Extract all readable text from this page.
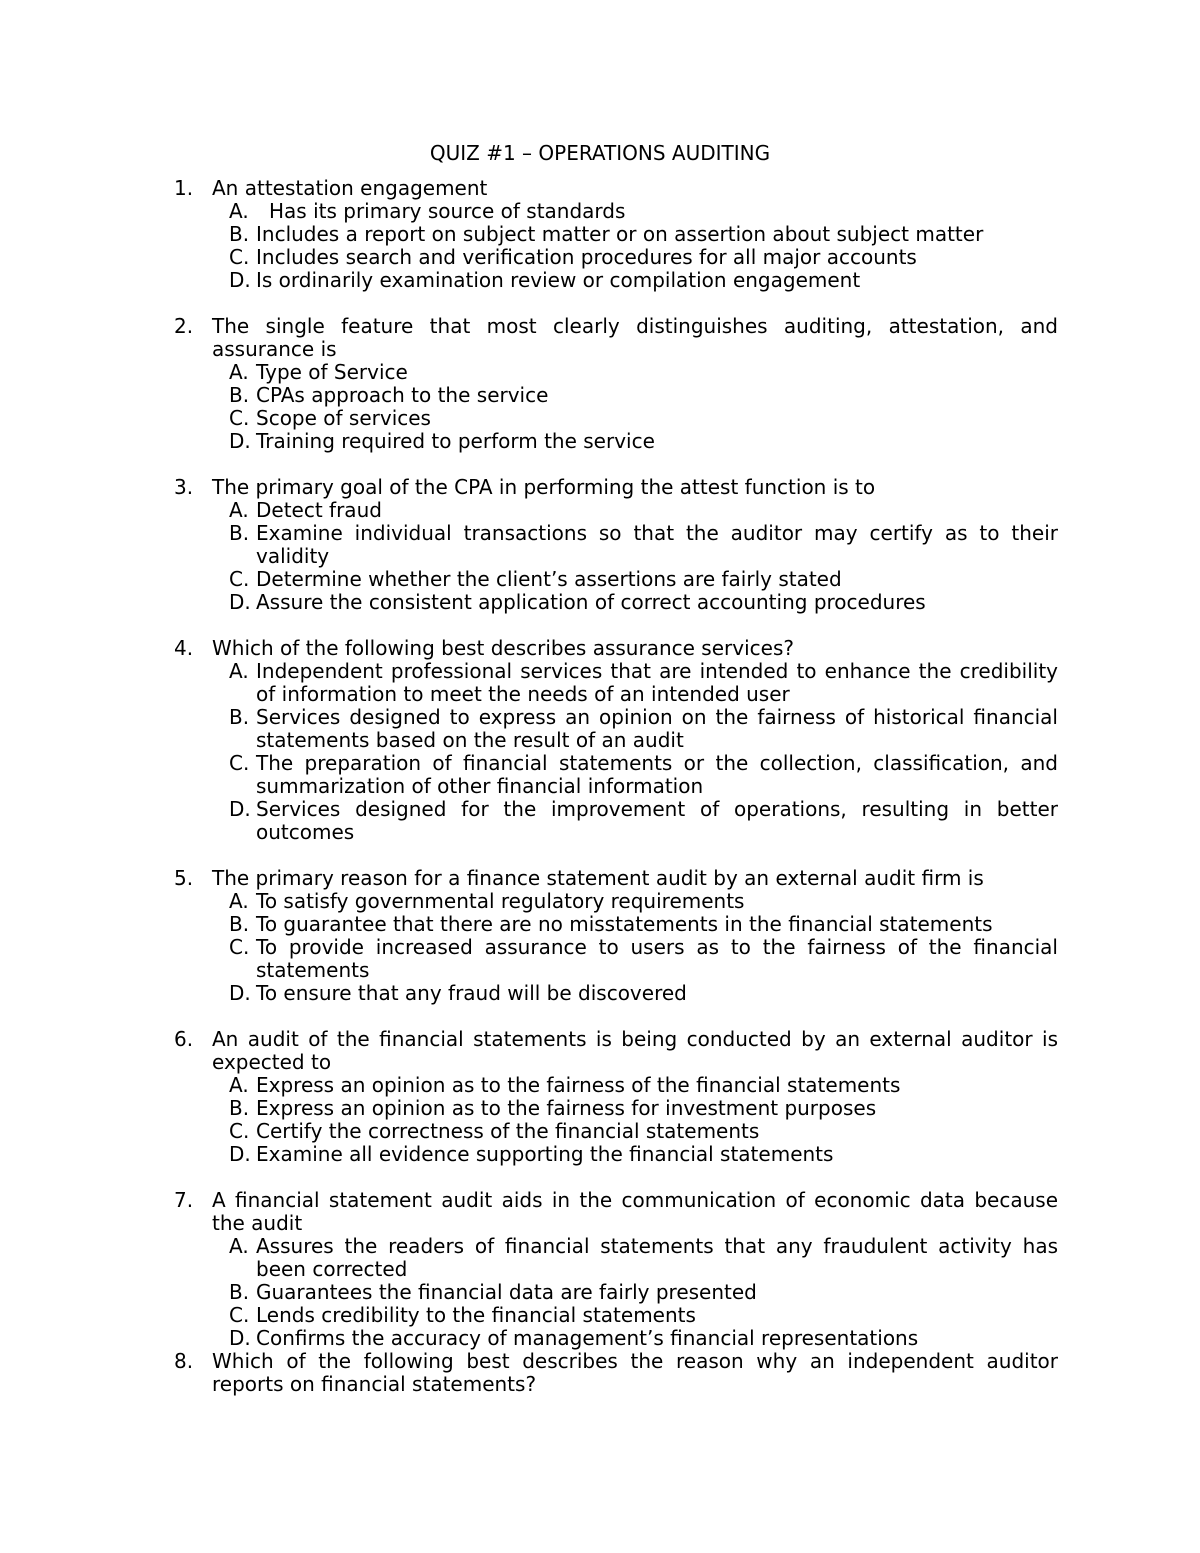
QUIZ #1 – OPERATIONS AUDITING
1. An attestation engagement
A.	Has its primary source of standards
B. Includes a report on subject matter or on assertion about subject matter
C. Includes search and verification procedures for all major accounts
D. Is ordinarily examination review or compilation engagement
2. The single feature that most clearly distinguishes auditing, attestation, and assurance is
A. Type of Service
B. CPAs approach to the service
C. Scope of services
D. Training required to perform the service
3. The primary goal of the CPA in performing the attest function is to
A. Detect fraud
B. Examine individual transactions so that the auditor may certify as to their validity
C. Determine whether the client’s assertions are fairly stated
D. Assure the consistent application of correct accounting procedures
4. Which of the following best describes assurance services?
A. Independent professional services that are intended to enhance the credibility of information to meet the needs of an intended user
B. Services designed to express an opinion on the fairness of historical financial statements based on the result of an audit
C. The preparation of financial statements or the collection, classification, and summarization of other financial information
D. Services designed for the improvement of operations, resulting in better outcomes
5. The primary reason for a finance statement audit by an external audit firm is
A. To satisfy governmental regulatory requirements
B. To guarantee that there are no misstatements in the financial statements
C. To provide increased assurance to users as to the fairness of the financial statements
D. To ensure that any fraud will be discovered
6. An audit of the financial statements is being conducted by an external auditor is expected to
A. Express an opinion as to the fairness of the financial statements
B. Express an opinion as to the fairness for investment purposes
C. Certify the correctness of the financial statements
D. Examine all evidence supporting the financial statements
7. A financial statement audit aids in the communication of economic data because the audit
A. Assures the readers of financial statements that any fraudulent activity has been corrected
B. Guarantees the financial data are fairly presented
C. Lends credibility to the financial statements
D. Confirms the accuracy of management’s financial representations
8. Which of the following best describes the reason why an independent auditor reports on financial statements?
